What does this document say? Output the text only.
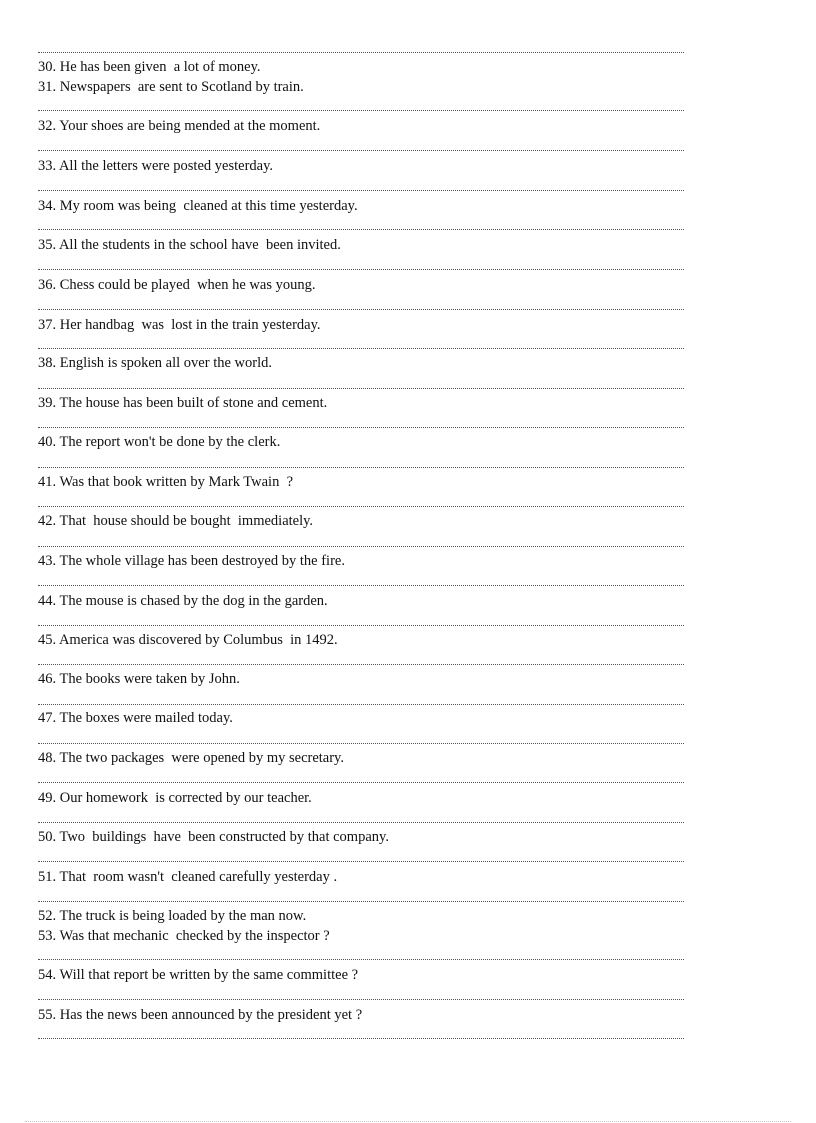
30. He has been given  a lot of money.
31. Newspapers  are sent to Scotland by train.
32. Your shoes are being mended at the moment.
33. All the letters were posted yesterday.
34. My room was being  cleaned at this time yesterday.
35. All the students in the school have  been invited.
36. Chess could be played  when he was young.
37. Her handbag  was  lost in the train yesterday.
38. English is spoken all over the world.
39. The house has been built of stone and cement.
40. The report won't be done by the clerk.
41. Was that book written by Mark Twain  ?
42. That  house should be bought  immediately.
43. The whole village has been destroyed by the fire.
44. The mouse is chased by the dog in the garden.
45. America was discovered by Columbus  in 1492.
46. The books were taken by John.
47. The boxes were mailed today.
48. The two packages  were opened by my secretary.
49. Our homework  is corrected by our teacher.
50. Two  buildings  have  been constructed by that company.
51. That  room wasn't  cleaned carefully yesterday .
52. The truck is being loaded by the man now.
53. Was that mechanic  checked by the inspector ?
54. Will that report be written by the same committee ?
55. Has the news been announced by the president yet ?
